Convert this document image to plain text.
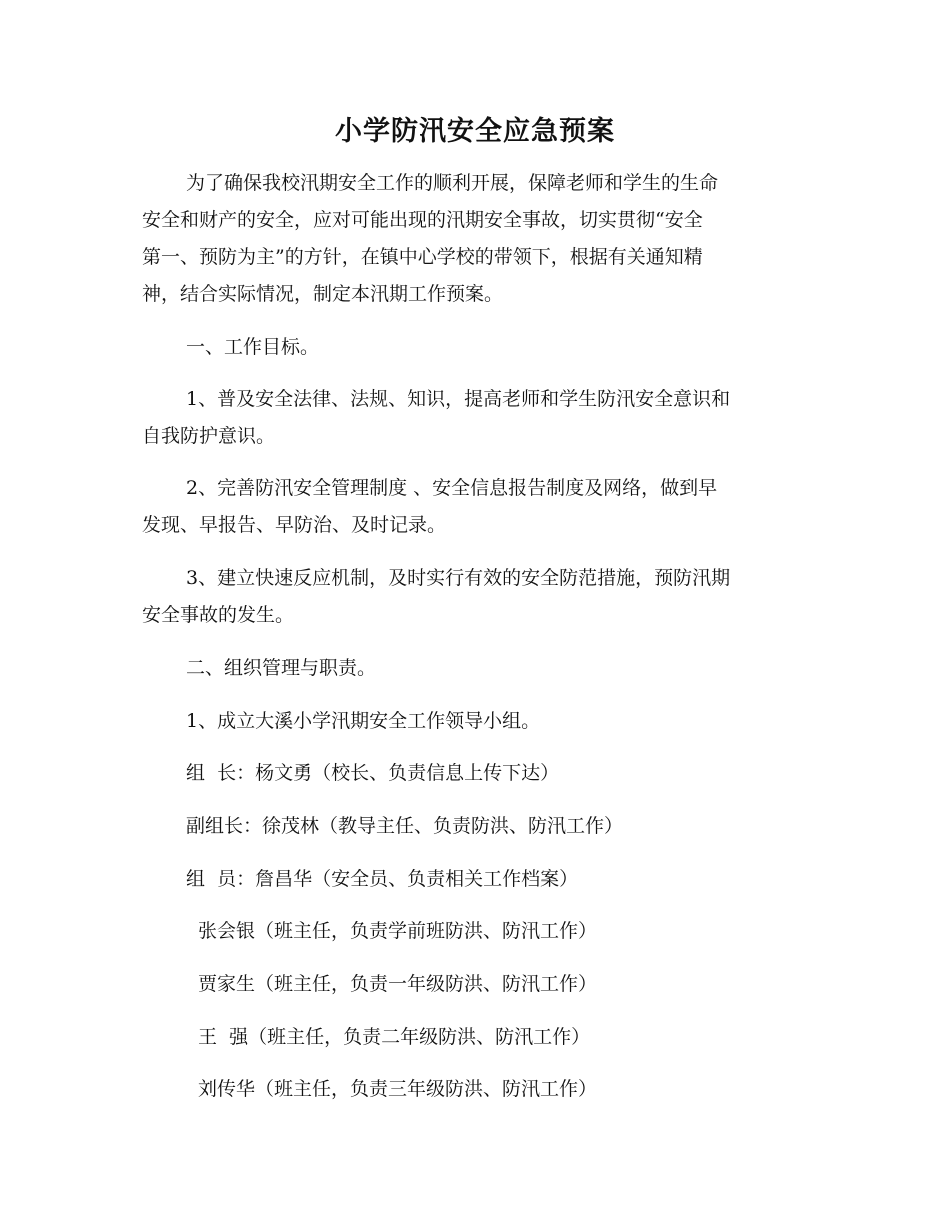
小学防汛安全应急预案

为了确保我校汛期安全工作的顺利开展，保障老师和学生的生命
安全和财产的安全，应对可能出现的汛期安全事故，切实贯彻“安全
第一、预防为主”的方针，在镇中心学校的带领下，根据有关通知精
神，结合实际情况，制定本汛期工作预案。

一、工作目标。

1、普及安全法律、法规、知识，提高老师和学生防汛安全意识和
自我防护意识。

2、完善防汛安全管理制度 、安全信息报告制度及网络，做到早
发现、早报告、早防治、及时记录。

3、建立快速反应机制，及时实行有效的安全防范措施，预防汛期
安全事故的发生。

二、组织管理与职责。

1、成立大溪小学汛期安全工作领导小组。

组  长：杨文勇（校长、负责信息上传下达）

副组长：徐茂林（教导主任、负责防洪、防汛工作）

组  员：詹昌华（安全员、负责相关工作档案）

张会银（班主任，负责学前班防洪、防汛工作）

贾家生（班主任，负责一年级防洪、防汛工作）

王  强（班主任，负责二年级防洪、防汛工作）

刘传华（班主任，负责三年级防洪、防汛工作）
